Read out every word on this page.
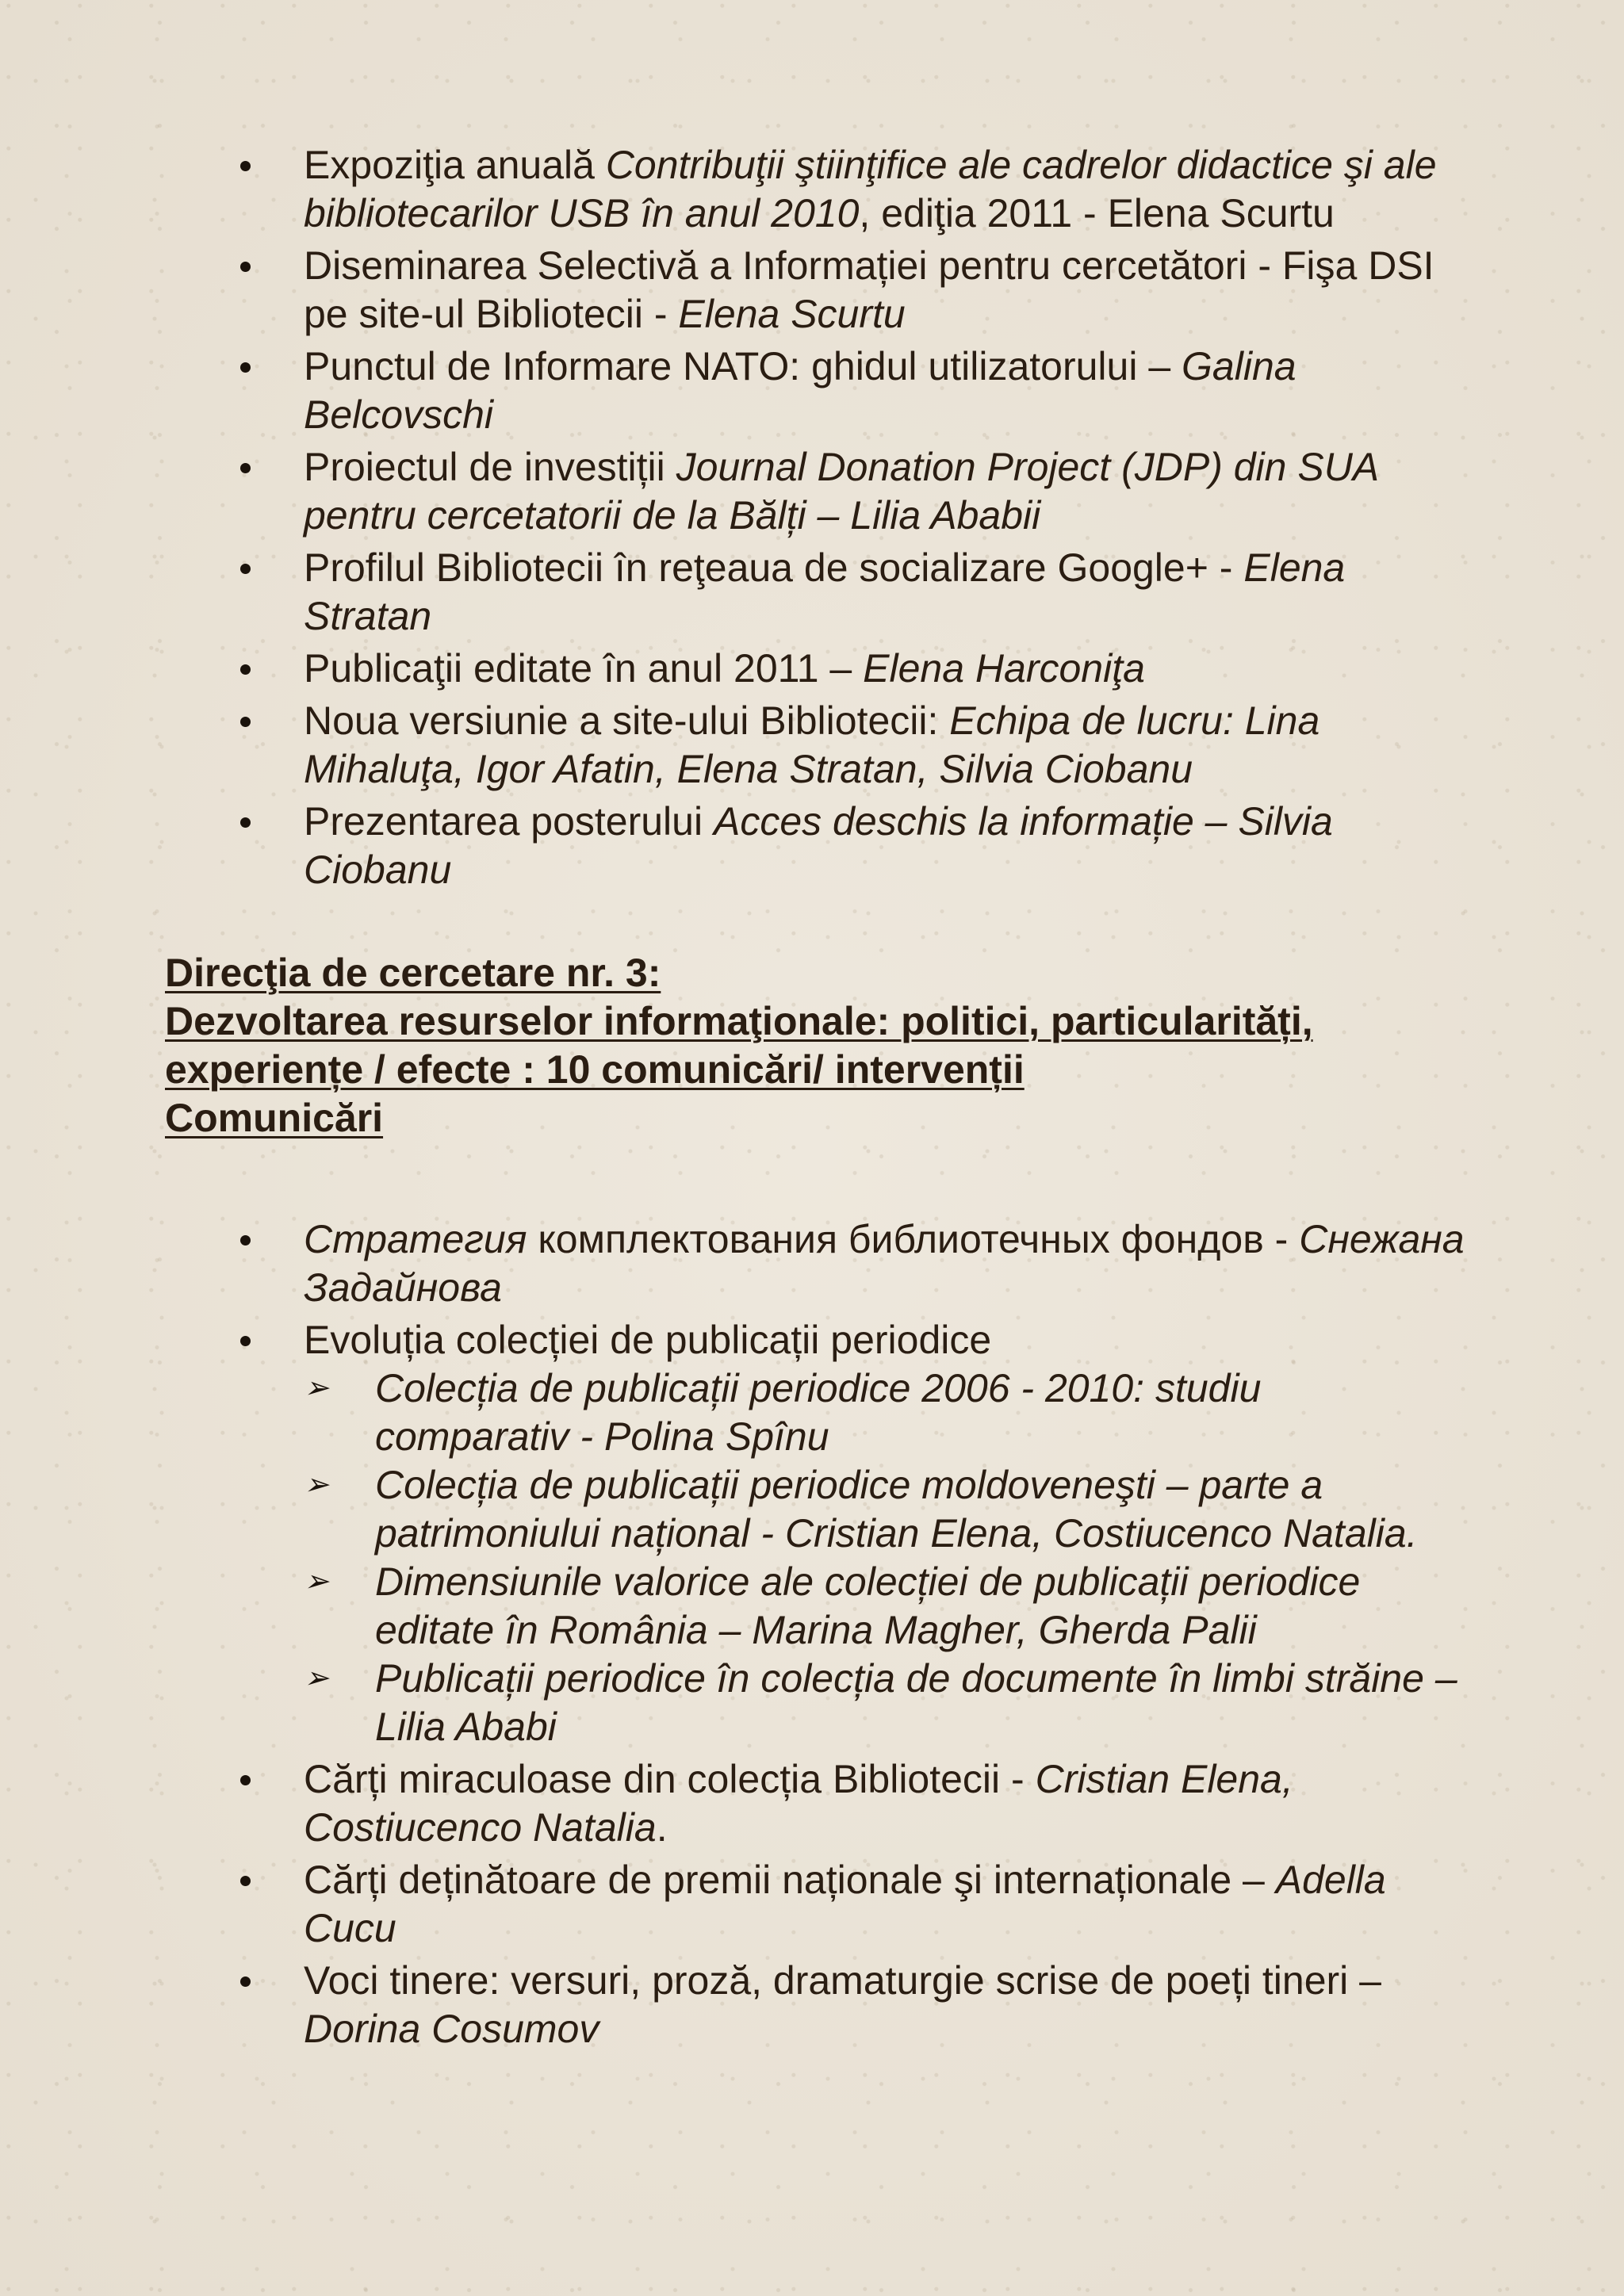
Expoziţia anuală Contribuţii ştiinţifice ale cadrelor didactice şi ale bibliotecarilor USB în anul 2010, ediţia 2011 - Elena Scurtu
Diseminarea Selectivă a Informației pentru cercetători - Fişa DSI pe site-ul Bibliotecii - Elena Scurtu
Punctul de Informare NATO: ghidul utilizatorului – Galina Belcovschi
Proiectul de investiții Journal Donation Project (JDP) din SUA pentru cercetatorii de la Bălți – Lilia Ababii
Profilul Bibliotecii în reţeaua de socializare Google+ - Elena Stratan
Publicaţii editate în anul 2011 – Elena Harconiţa
Noua versiunie a site-ului Bibliotecii: Echipa de lucru: Lina Mihaluţa, Igor Afatin, Elena Stratan, Silvia Ciobanu
Prezentarea posterului Acces deschis la informație – Silvia Ciobanu

Direcţia de cercetare nr. 3:

Dezvoltarea resurselor informaţionale: politici, particularități,

experiențe / efecte : 10 comunicări/ intervenții

Comunicări

Стратегия комплектования библиотечных фондов - Снежана Задайнова
Evoluția colecției de publicații periodice
➢	Colecția de publicații periodice 2006 - 2010: studiu comparativ - Polina Spînu
➢	Colecția de publicații periodice moldoveneşti – parte a patrimoniului național - Cristian Elena, Costiucenco Natalia.
➢	Dimensiunile valorice ale colecției de publicații periodice editate în România – Marina Magher, Gherda Palii
➢	Publicații periodice în colecția de documente în limbi străine – Lilia Ababi
Cărți miraculoase din colecția Bibliotecii - Cristian Elena, Costiucenco Natalia.
Cărți deținătoare de premii naționale şi internaționale – Adella Cucu
Voci tinere: versuri, proză, dramaturgie scrise de poeți tineri – Dorina Cosumov
